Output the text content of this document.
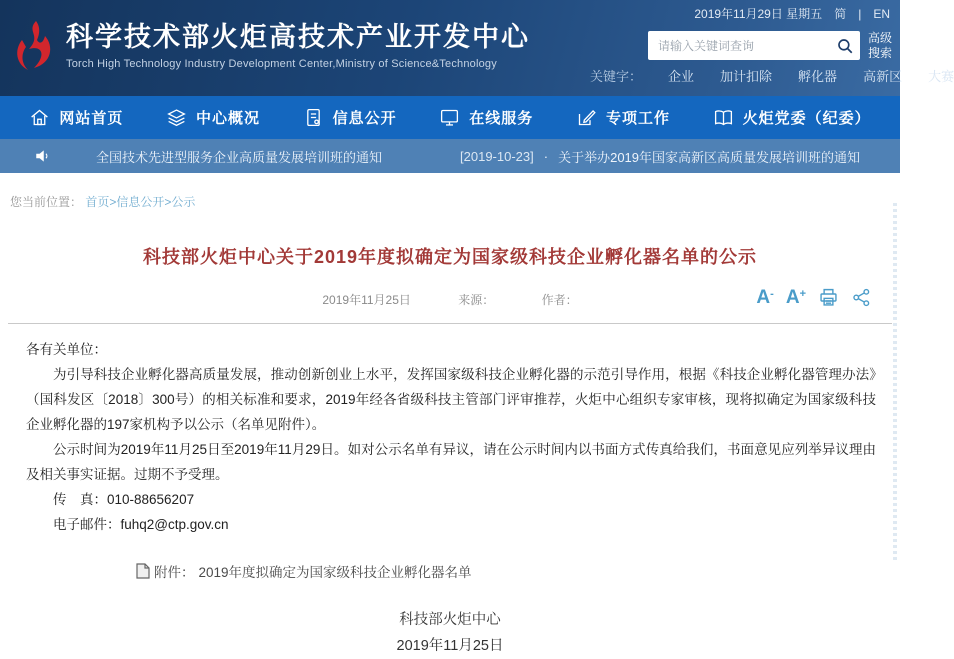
2019年11月29日 星期五 简 | EN
科学技术部火炬高技术产业开发中心
Torch High Technology Industry Development Center,Ministry of Science&Technology
请输入关键词查询
高级搜索
关键字： 企业 加计扣除 孵化器 高新区 大赛
网站首页	中心概况	信息公开	在线服务	专项工作	火炬党委（纪委）
全国技术先进型服务企业高质量发展培训班的通知	[2019-10-23] · 关于举办2019年国家高新区高质量发展培训班的通知
您当前位置： 首页>信息公开>公示
科技部火炬中心关于2019年度拟确定为国家级科技企业孵化器名单的公示
2019年11月25日	来源：	作者：	A- A+

各有关单位：

为引导科技企业孵化器高质量发展，推动创新创业上水平，发挥国家级科技企业孵化器的示范引导作用，根据《科技企业孵化器管理办法》（国科发区〔2018〕300号）的相关标准和要求，2019年经各省级科技主管部门评审推荐，火炬中心组织专家审核，现将拟确定为国家级科技企业孵化器的197家机构予以公示（名单见附件）。

公示时间为2019年11月25日至2019年11月29日。如对公示名单有异议，请在公示时间内以书面方式传真给我们，书面意见应列举异议理由及相关事实证据。过期不予受理。

传　真：010-88656207

电子邮件：fuhq2@ctp.gov.cn

附件： 2019年度拟确定为国家级科技企业孵化器名单
科技部火炬中心
2019年11月25日
